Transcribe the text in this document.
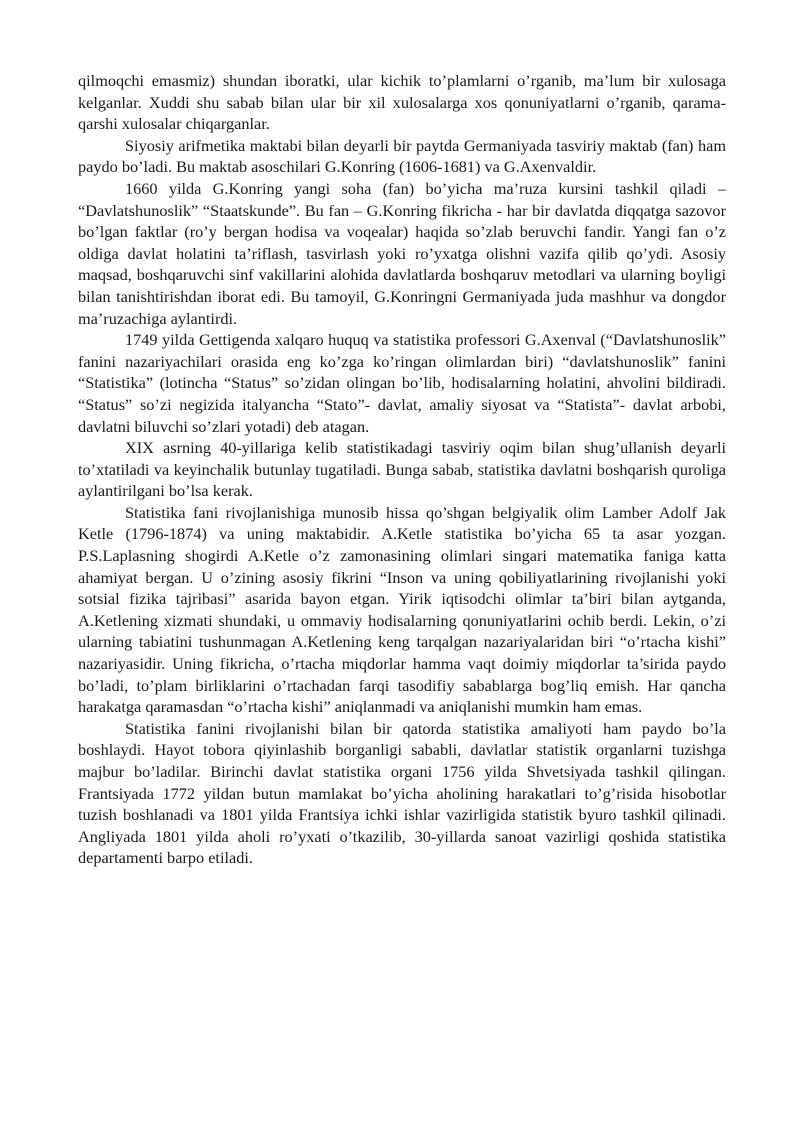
qilmoqchi emasmiz) shundan iboratki, ular kichik to’plamlarni o’rganib, ma’lum bir xulosaga kelganlar. Xuddi shu sabab bilan ular bir xil xulosalarga xos qonuniyatlarni o’rganib, qarama-qarshi xulosalar chiqarganlar.

Siyosiy arifmetika maktabi bilan deyarli bir paytda Germaniyada tasviriy maktab (fan) ham paydo bo’ladi. Bu maktab asoschilari G.Konring (1606-1681) va G.Axenvaldir.

1660 yilda G.Konring yangi soha (fan) bo’yicha ma’ruza kursini tashkil qiladi – “Davlatshunoslik” “Staatskunde”. Bu fan – G.Konring fikricha - har bir davlatda diqqatga sazovor bo’lgan faktlar (ro’y bergan hodisa va voqealar) haqida so’zlab beruvchi fandir. Yangi fan o’z oldiga davlat holatini ta’riflash, tasvirlash yoki ro’yxatga olishni vazifa qilib qo’ydi. Asosiy maqsad, boshqaruvchi sinf vakillarini alohida davlatlarda boshqaruv metodlari va ularning boyligi bilan tanishtirishdan iborat edi. Bu tamoyil, G.Konringni Germaniyada juda mashhur va dongdor ma’ruzachiga aylantirdi.

1749 yilda Gettigenda xalqaro huquq va statistika professori G.Axenval (“Davlatshunoslik” fanini nazariyachilari orasida eng ko’zga ko’ringan olimlardan biri) “davlatshunoslik” fanini “Statistika” (lotincha “Status” so’zidan olingan bo’lib, hodisalarning holatini, ahvolini bildiradi. “Status” so’zi negizida italyancha “Stato”- davlat, amaliy siyosat va “Statista”- davlat arbobi, davlatni biluvchi so’zlari yotadi) deb atagan.

XIX asrning 40-yillariga kelib statistikadagi tasviriy oqim bilan shug’ullanish deyarli to’xtatiladi va keyinchalik butunlay tugatiladi. Bunga sabab, statistika davlatni boshqarish quroliga aylantirilgani bo’lsa kerak.

Statistika fani rivojlanishiga munosib hissa qo’shgan belgiyalik olim Lamber Adolf Jak Ketle (1796-1874) va uning maktabidir. A.Ketle statistika bo’yicha 65 ta asar yozgan. P.S.Laplasning shogirdi A.Ketle o’z zamonasining olimlari singari matematika faniga katta ahamiyat bergan. U o’zining asosiy fikrini “Inson va uning qobiliyatlarining rivojlanishi yoki sotsial fizika tajribasi” asarida bayon etgan. Yirik iqtisodchi olimlar ta’biri bilan aytganda, A.Ketlening xizmati shundaki, u ommaviy hodisalarning qonuniyatlarini ochib berdi. Lekin, o’zi ularning tabiatini tushunmagan A.Ketlening keng tarqalgan nazariyalaridan biri “o’rtacha kishi” nazariyasidir. Uning fikricha, o’rtacha miqdorlar hamma vaqt doimiy miqdorlar ta’sirida paydo bo’ladi, to’plam birliklarini o’rtachadan farqi tasodifiy sabablarga bog’liq emish. Har qancha harakatga qaramasdan “o’rtacha kishi” aniqlanmadi va aniqlanishi mumkin ham emas.

Statistika fanini rivojlanishi bilan bir qatorda statistika amaliyoti ham paydo bo’la boshlaydi. Hayot tobora qiyinlashib borganligi sababli, davlatlar statistik organlarni tuzishga majbur bo’ladilar. Birinchi davlat statistika organi 1756 yilda Shvetsiyada tashkil qilingan. Frantsiyada 1772 yildan butun mamlakat bo’yicha aholining harakatlari to’g’risida hisobotlar tuzish boshlanadi va 1801 yilda Frantsiya ichki ishlar vazirligida statistik byuro tashkil qilinadi. Angliyada 1801 yilda aholi ro’yxati o’tkazilib, 30-yillarda sanoat vazirligi qoshida statistika departamenti barpo etiladi.
